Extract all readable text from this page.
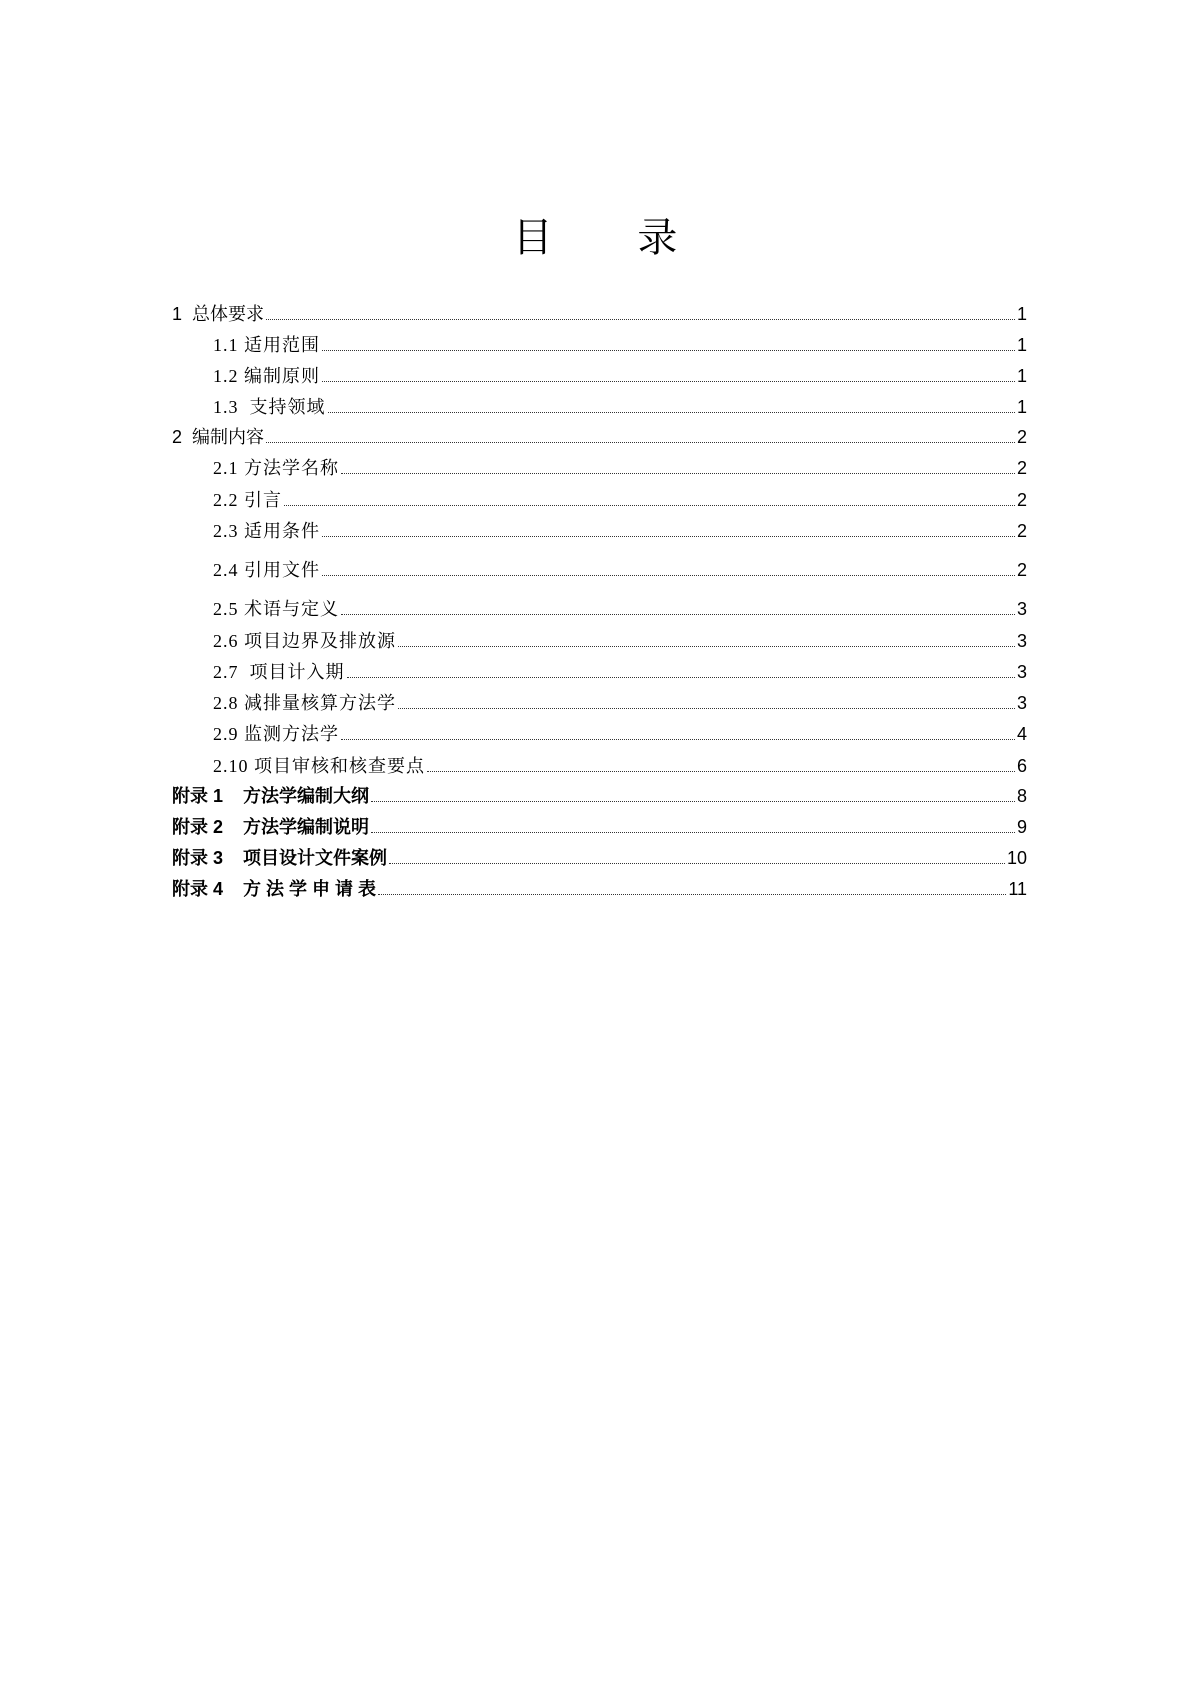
目 录
1 总体要求	1
1.1 适用范围	1
1.2 编制原则	1
1.3 支持领域	1
2 编制内容	2
2.1 方法学名称	2
2.2 引言	2
2.3 适用条件	2
2.4 引用文件	2
2.5 术语与定义	3
2.6 项目边界及排放源	3
2.7 项目计入期	3
2.8 减排量核算方法学	3
2.9 监测方法学	4
2.10 项目审核和核查要点	6
附录 1 方法学编制大纲	8
附录 2 方法学编制说明	9
附录 3 项目设计文件案例	10
附录 4 方 法 学 申 请 表	11
